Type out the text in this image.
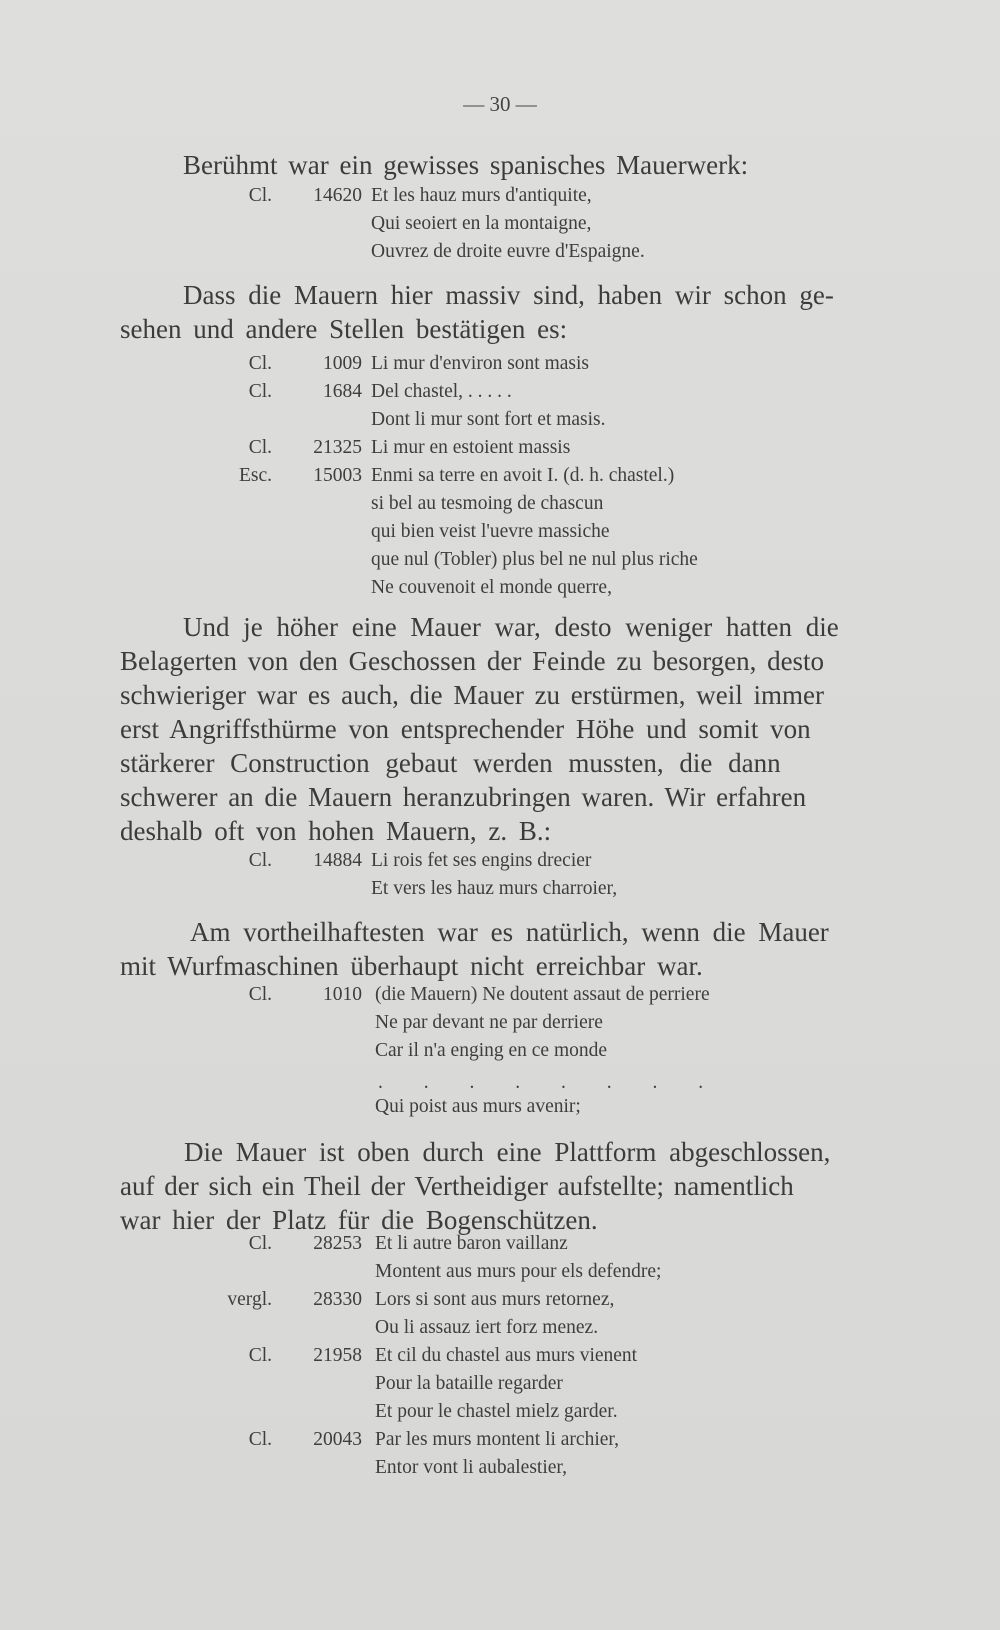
— 30 —
Berühmt war ein gewisses spanisches Mauerwerk:
Cl.	14620 Et les hauz murs d'antiquite,
Qui seoiert en la montaigne,
Ouvrez de droite euvre d'Espaigne.
Dass die Mauern hier massiv sind, haben wir schon ge-
sehen und andere Stellen bestätigen es:
Cl.	1009 Li mur d'environ sont masis
Cl.	1684 Del chastel, . . . . .
Dont li mur sont fort et masis.
Cl.	21325 Li mur en estoient massis
Esc.	15003 Enmi sa terre en avoit I. (d. h. chastel.)
si bel au tesmoing de chascun
qui bien veist l'uevre massiche
que nul (Tobler) plus bel ne nul plus riche
Ne couvenoit el monde querre,
Und je höher eine Mauer war, desto weniger hatten die
Belagerten von den Geschossen der Feinde zu besorgen, desto
schwieriger war es auch, die Mauer zu erstürmen, weil immer
erst Angriffsthürme von entsprechender Höhe und somit von
stärkerer Construction gebaut werden mussten, die dann
schwerer an die Mauern heranzubringen waren. Wir erfahren
deshalb oft von hohen Mauern, z. B.:
Cl.	14884 Li rois fet ses engins drecier
Et vers les hauz murs charroier,
Am vortheilhaftesten war es natürlich, wenn die Mauer
mit Wurfmaschinen überhaupt nicht erreichbar war.
Cl.	1010 (die Mauern) Ne doutent assaut de perriere
Ne par devant ne par derriere
Car il n'a enging en ce monde
. . . . . . . .
Qui poist aus murs avenir;
Die Mauer ist oben durch eine Plattform abgeschlossen,
auf der sich ein Theil der Vertheidiger aufstellte; namentlich
war hier der Platz für die Bogenschützen.
Cl.	28253 Et li autre baron vaillanz
Montent aus murs pour els defendre;
vergl.	28330 Lors si sont aus murs retornez,
Ou li assauz iert forz menez.
Cl.	21958 Et cil du chastel aus murs vienent
Pour la bataille regarder
Et pour le chastel mielz garder.
Cl.	20043 Par les murs montent li archier,
Entor vont li aubalestier,
